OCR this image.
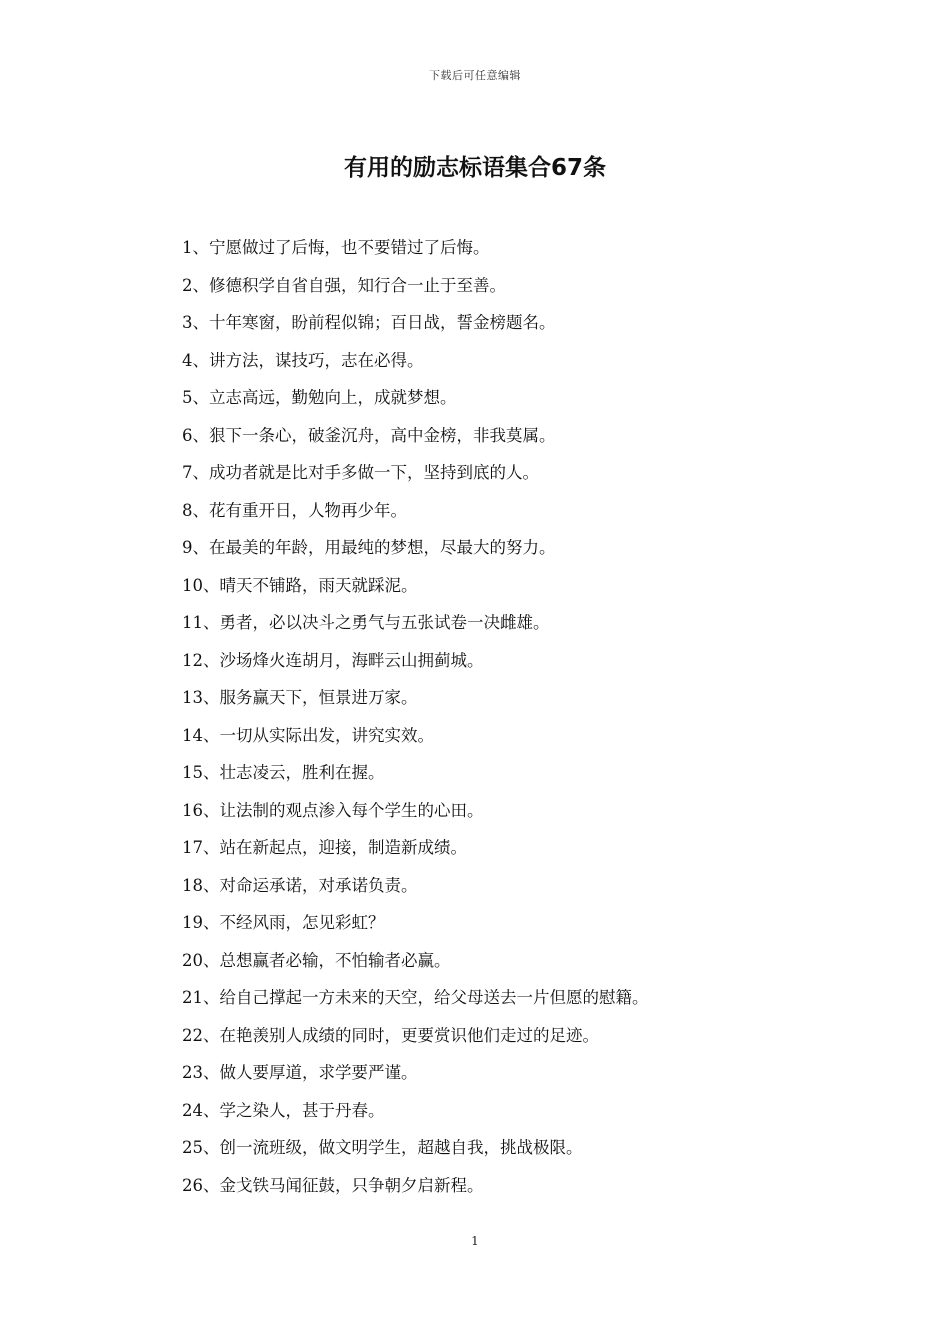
下载后可任意编辑
有用的励志标语集合67条
1、宁愿做过了后悔，也不要错过了后悔。
2、修德积学自省自强，知行合一止于至善。
3、十年寒窗，盼前程似锦；百日战，誓金榜题名。
4、讲方法，谋技巧，志在必得。
5、立志高远，勤勉向上，成就梦想。
6、狠下一条心，破釜沉舟，高中金榜，非我莫属。
7、成功者就是比对手多做一下，坚持到底的人。
8、花有重开日，人物再少年。
9、在最美的年龄，用最纯的梦想，尽最大的努力。
10、晴天不铺路，雨天就踩泥。
11、勇者，必以决斗之勇气与五张试卷一决雌雄。
12、沙场烽火连胡月，海畔云山拥蓟城。
13、服务赢天下，恒景进万家。
14、一切从实际出发，讲究实效。
15、壮志凌云，胜利在握。
16、让法制的观点渗入每个学生的心田。
17、站在新起点，迎接，制造新成绩。
18、对命运承诺，对承诺负责。
19、不经风雨，怎见彩虹？
20、总想赢者必输，不怕输者必赢。
21、给自己撑起一方未来的天空，给父母送去一片但愿的慰籍。
22、在艳羡别人成绩的同时，更要赏识他们走过的足迹。
23、做人要厚道，求学要严谨。
24、学之染人，甚于丹春。
25、创一流班级，做文明学生，超越自我，挑战极限。
26、金戈铁马闻征鼓，只争朝夕启新程。
1
